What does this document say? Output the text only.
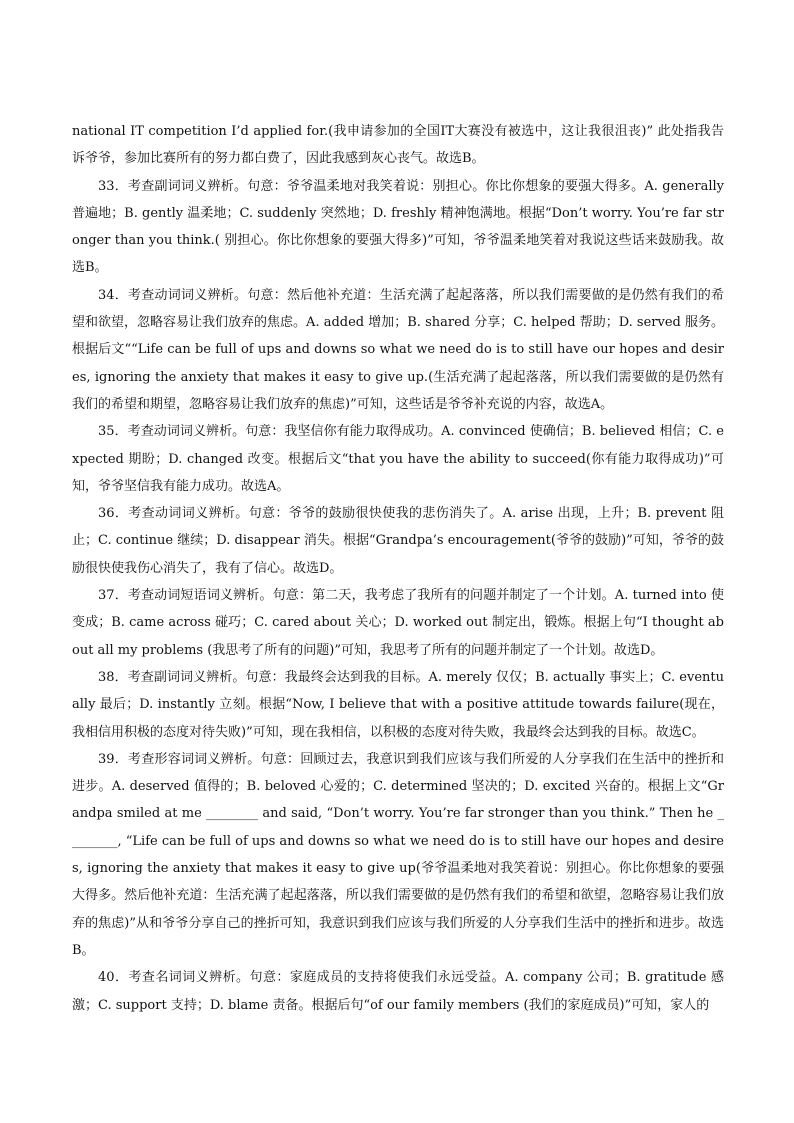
national IT competition I’d applied for.(我申请参加的全国IT大赛没有被选中，这让我很沮丧)” 此处指我告诉爷爷，参加比赛所有的努力都白费了，因此我感到灰心丧气。故选B。

33．考查副词词义辨析。句意：爷爷温柔地对我笑着说：别担心。你比你想象的要强大得多。A. generally 普遍地；B. gently 温柔地；C. suddenly 突然地；D. freshly 精神饱满地。根据“Don’t worry. You’re far stronger than you think.( 别担心。你比你想象的要强大得多)”可知，爷爷温柔地笑着对我说这些话来鼓励我。故选B。

34．考查动词词义辨析。句意：然后他补充道：生活充满了起起落落，所以我们需要做的是仍然有我们的希望和欲望，忽略容易让我们放弃的焦虑。A. added 增加；B. shared 分享；C. helped 帮助；D. served 服务。根据后文““Life can be full of ups and downs so what we need do is to still have our hopes and desires, ignoring the anxiety that makes it easy to give up.(生活充满了起起落落，所以我们需要做的是仍然有我们的希望和期望，忽略容易让我们放弃的焦虑)”可知，这些话是爷爷补充说的内容，故选A。

35．考查动词词义辨析。句意：我坚信你有能力取得成功。A. convinced 使确信；B. believed 相信；C. expected 期盼；D. changed 改变。根据后文“that you have the ability to succeed(你有能力取得成功)”可知，爷爷坚信我有能力成功。故选A。

36．考查动词词义辨析。句意：爷爷的鼓励很快使我的悲伤消失了。A. arise 出现，上升；B. prevent 阻止；C. continue 继续；D. disappear 消失。根据“Grandpa’s encouragement(爷爷的鼓励)”可知，爷爷的鼓励很快使我伤心消失了，我有了信心。故选D。

37．考查动词短语词义辨析。句意：第二天，我考虑了我所有的问题并制定了一个计划。A. turned into 使变成；B. came across 碰巧；C. cared about 关心；D. worked out 制定出，锻炼。根据上句“I thought about all my problems (我思考了所有的问题)”可知，我思考了所有的问题并制定了一个计划。故选D。

38．考查副词词义辨析。句意：我最终会达到我的目标。A. merely 仅仅；B. actually 事实上；C. eventually 最后；D. instantly 立刻。根据“Now, I believe that with a positive attitude towards failure(现在，我相信用积极的态度对待失败)”可知，现在我相信，以积极的态度对待失败，我最终会达到我的目标。故选C。

39．考查形容词词义辨析。句意：回顾过去，我意识到我们应该与我们所爱的人分享我们在生活中的挫折和进步。A. deserved 值得的；B. beloved 心爱的；C. determined 坚决的；D. excited 兴奋的。根据上文“Grandpa smiled at me ________ and said, “Don’t worry. You’re far stronger than you think.” Then he ________, “Life can be full of ups and downs so what we need do is to still have our hopes and desires, ignoring the anxiety that makes it easy to give up(爷爷温柔地对我笑着说：别担心。你比你想象的要强大得多。然后他补充道：生活充满了起起落落，所以我们需要做的是仍然有我们的希望和欲望，忽略容易让我们放弃的焦虑)”从和爷爷分享自己的挫折可知，我意识到我们应该与我们所爱的人分享我们生活中的挫折和进步。故选B。

40．考查名词词义辨析。句意：家庭成员的支持将使我们永远受益。A. company 公司；B. gratitude 感激；C. support 支持；D. blame 责备。根据后句“of our family members (我们的家庭成员)”可知，家人的
